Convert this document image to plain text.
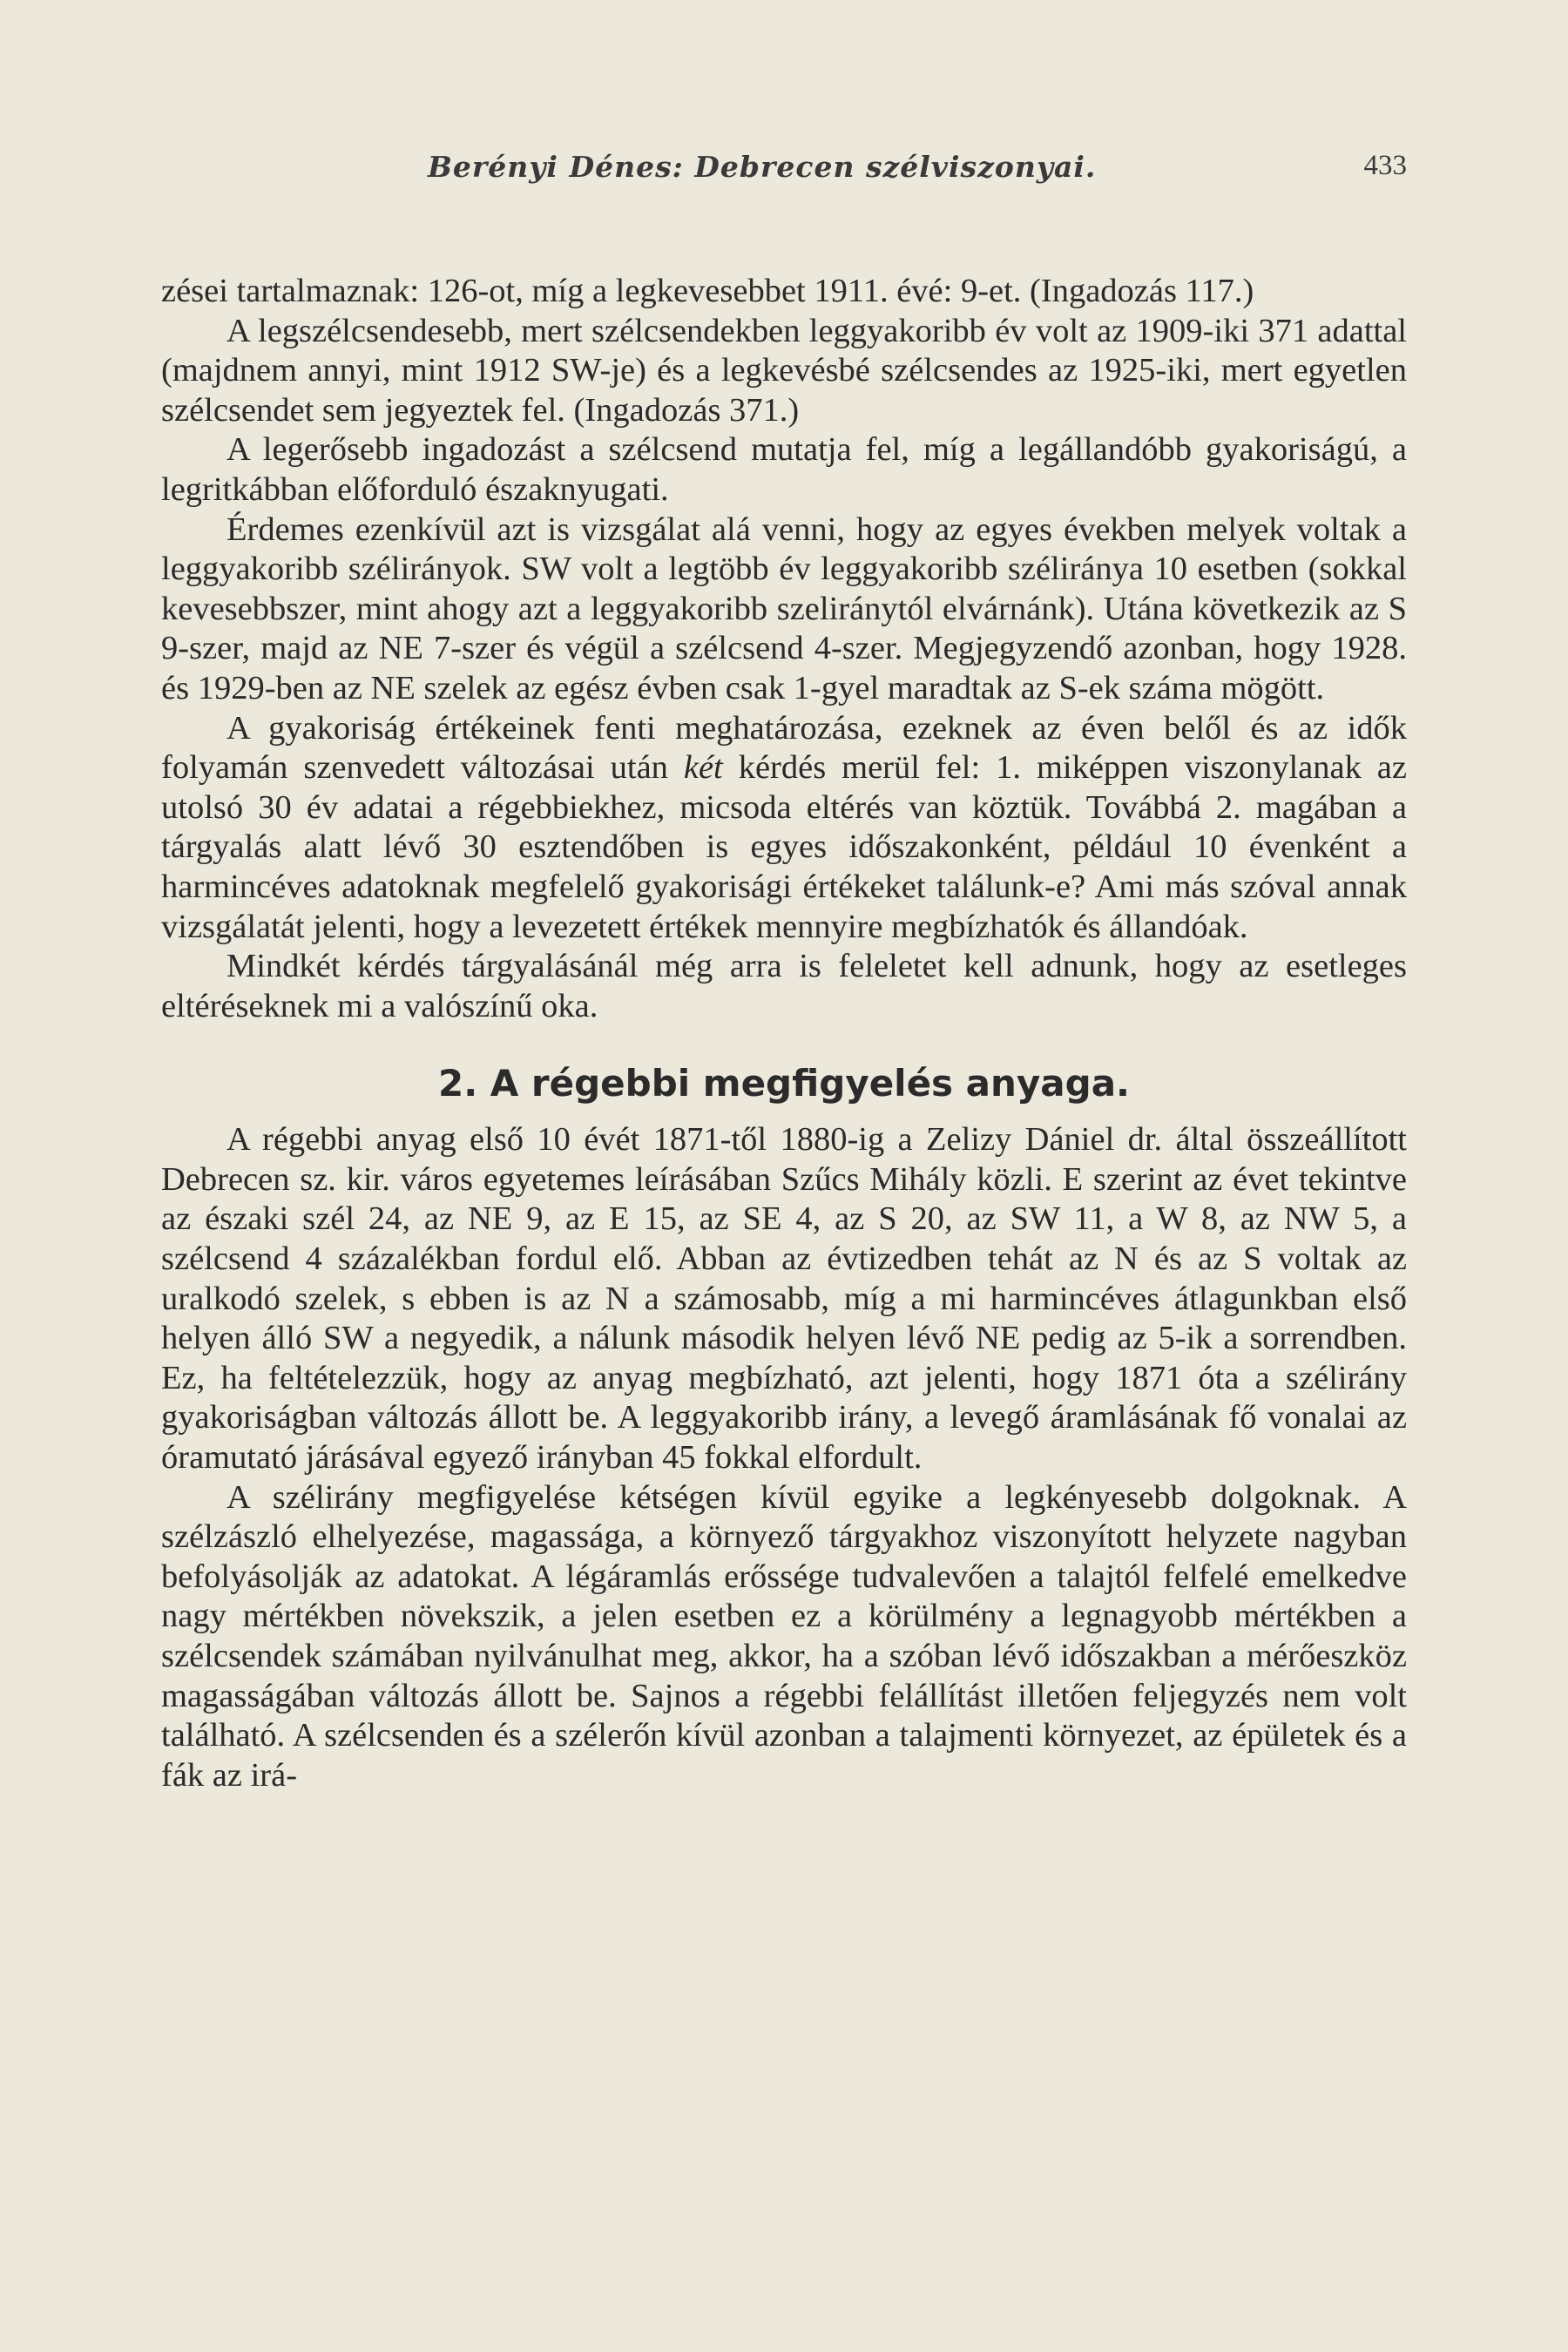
Berényi Dénes: Debrecen szélviszonyai.	433

zései tartalmaznak: 126-ot, míg a legkevesebbet 1911. évé: 9-et. (Ingadozás 117.)

A legszélcsendesebb, mert szélcsendekben leggyakoribb év volt az 1909-iki 371 adattal (majdnem annyi, mint 1912 SW-je) és a legkevésbé szélcsendes az 1925-iki, mert egyetlen szélcsendet sem jegyeztek fel. (Ingadozás 371.)

A legerősebb ingadozást a szélcsend mutatja fel, míg a legállandóbb gyakoriságú, a legritkábban előforduló északnyugati.

Érdemes ezenkívül azt is vizsgálat alá venni, hogy az egyes években melyek voltak a leggyakoribb szélirányok. SW volt a legtöbb év leggyakoribb széliránya 10 esetben (sokkal kevesebbszer, mint ahogy azt a leggyakoribb szeliránytól elvárnánk). Utána következik az S 9-szer, majd az NE 7-szer és végül a szélcsend 4-szer. Megjegyzendő azonban, hogy 1928. és 1929-ben az NE szelek az egész évben csak 1-gyel maradtak az S-ek száma mögött.

A gyakoriság értékeinek fenti meghatározása, ezeknek az éven belől és az idők folyamán szenvedett változásai után két kérdés merül fel: 1. miképpen viszonylanak az utolsó 30 év adatai a régebbiekhez, micsoda eltérés van köztük. Továbbá 2. magában a tárgyalás alatt lévő 30 esztendőben is egyes időszakonként, például 10 évenként a harmincéves adatoknak megfelelő gyakorisági értékeket találunk-e? Ami más szóval annak vizsgálatát jelenti, hogy a levezetett értékek mennyire megbízhatók és állandóak.

Mindkét kérdés tárgyalásánál még arra is feleletet kell adnunk, hogy az esetleges eltéréseknek mi a valószínű oka.

2. A régebbi megfigyelés anyaga.

A régebbi anyag első 10 évét 1871-től 1880-ig a Zelizy Dániel dr. által összeállított Debrecen sz. kir. város egyetemes leírásában Szűcs Mihály közli. E szerint az évet tekintve az északi szél 24, az NE 9, az E 15, az SE 4, az S 20, az SW 11, a W 8, az NW 5, a szélcsend 4 százalékban fordul elő. Abban az évtizedben tehát az N és az S voltak az uralkodó szelek, s ebben is az N a számosabb, míg a mi harmincéves átlagunkban első helyen álló SW a negyedik, a nálunk második helyen lévő NE pedig az 5-ik a sorrendben. Ez, ha feltételezzük, hogy az anyag megbízható, azt jelenti, hogy 1871 óta a szélirány gyakoriságban változás állott be. A leggyakoribb irány, a levegő áramlásának fő vonalai az óramutató járásával egyező irányban 45 fokkal elfordult.

A szélirány megfigyelése kétségen kívül egyike a legkényesebb dolgoknak. A szélzászló elhelyezése, magassága, a környező tárgyakhoz viszonyított helyzete nagyban befolyásolják az adatokat. A légáramlás erőssége tudvalevően a talajtól felfelé emelkedve nagy mértékben növekszik, a jelen esetben ez a körülmény a legnagyobb mértékben a szélcsendek számában nyilvánulhat meg, akkor, ha a szóban lévő időszakban a mérőeszköz magasságában változás állott be. Sajnos a régebbi felállítást illetően feljegyzés nem volt található. A szélcsenden és a szélerőn kívül azonban a talajmenti környezet, az épületek és a fák az irá-
